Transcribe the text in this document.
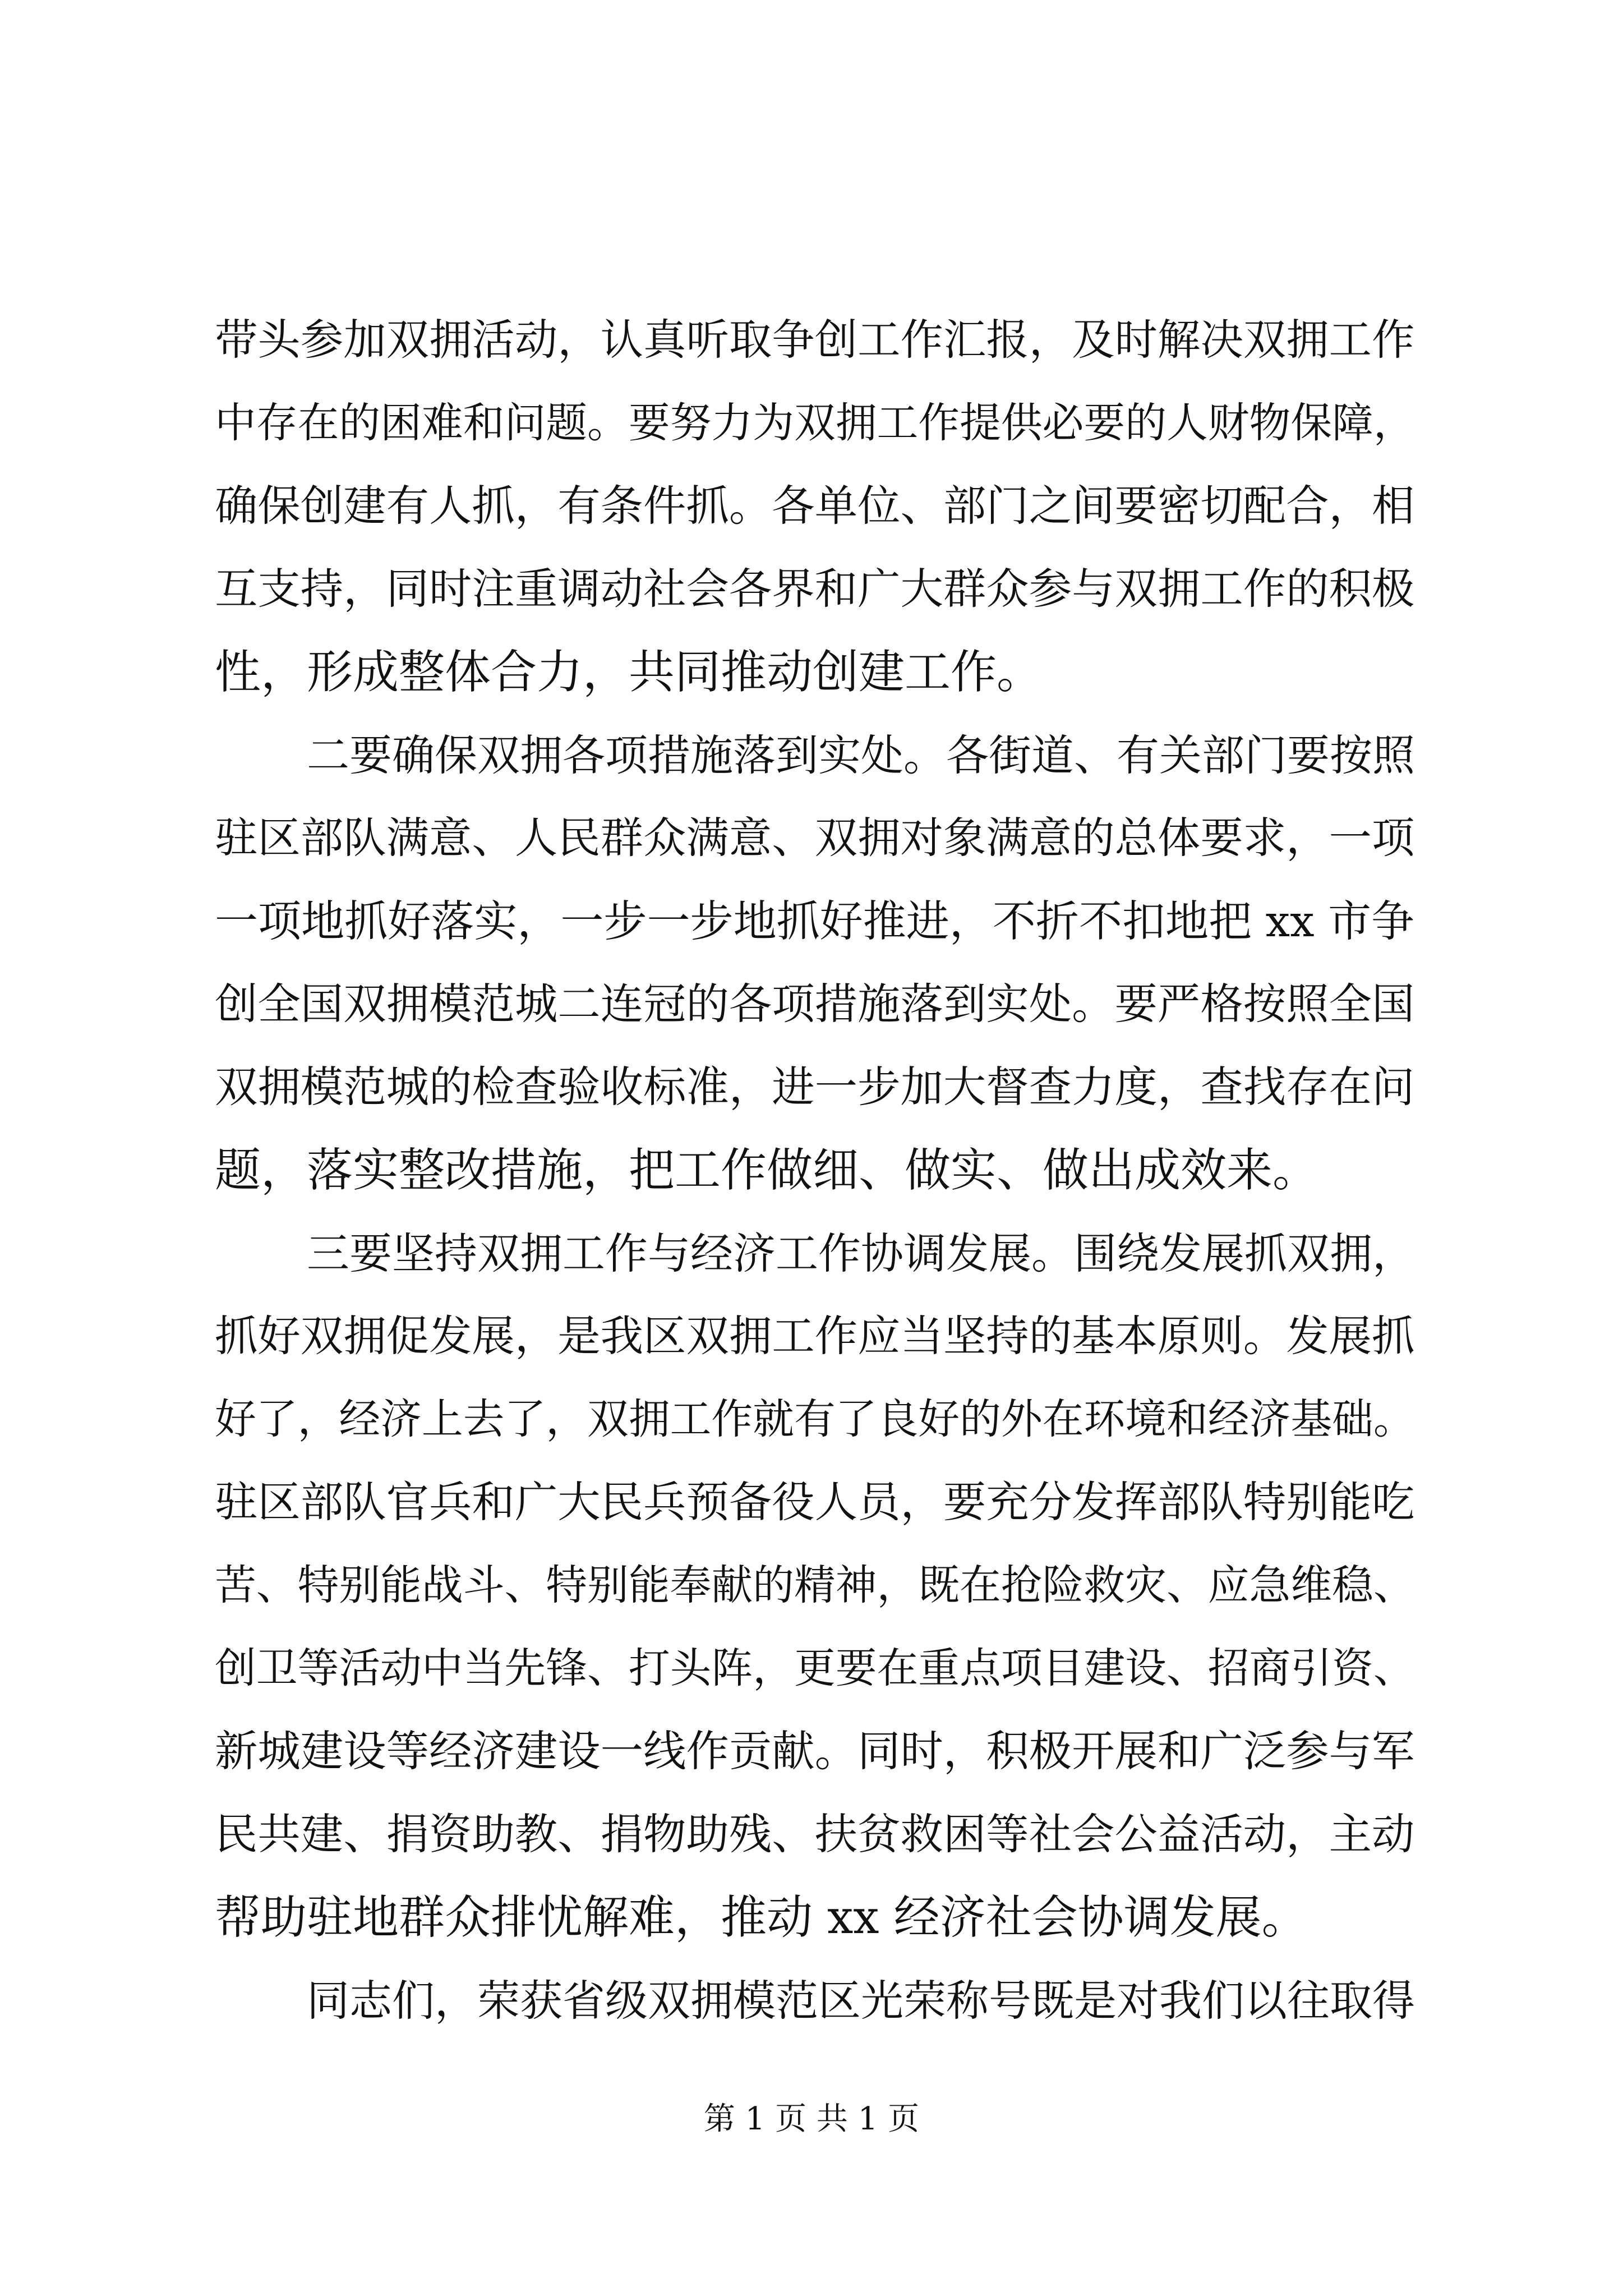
带头参加双拥活动，认真听取争创工作汇报，及时解决双拥工作
中存在的困难和问题。要努力为双拥工作提供必要的人财物保障，
确保创建有人抓，有条件抓。各单位、部门之间要密切配合，相
互支持，同时注重调动社会各界和广大群众参与双拥工作的积极
性，形成整体合力，共同推动创建工作。
二要确保双拥各项措施落到实处。各街道、有关部门要按照
驻区部队满意、人民群众满意、双拥对象满意的总体要求，一项
一项地抓好落实，一步一步地抓好推进，不折不扣地把 xx 市争
创全国双拥模范城二连冠的各项措施落到实处。要严格按照全国
双拥模范城的检查验收标准，进一步加大督查力度，查找存在问
题，落实整改措施，把工作做细、做实、做出成效来。
三要坚持双拥工作与经济工作协调发展。围绕发展抓双拥，
抓好双拥促发展，是我区双拥工作应当坚持的基本原则。发展抓
好了，经济上去了，双拥工作就有了良好的外在环境和经济基础。
驻区部队官兵和广大民兵预备役人员，要充分发挥部队特别能吃
苦、特别能战斗、特别能奉献的精神，既在抢险救灾、应急维稳、
创卫等活动中当先锋、打头阵，更要在重点项目建设、招商引资、
新城建设等经济建设一线作贡献。同时，积极开展和广泛参与军
民共建、捐资助教、捐物助残、扶贫救困等社会公益活动，主动
帮助驻地群众排忧解难，推动 xx 经济社会协调发展。
同志们，荣获省级双拥模范区光荣称号既是对我们以往取得
第 1 页 共 1 页
